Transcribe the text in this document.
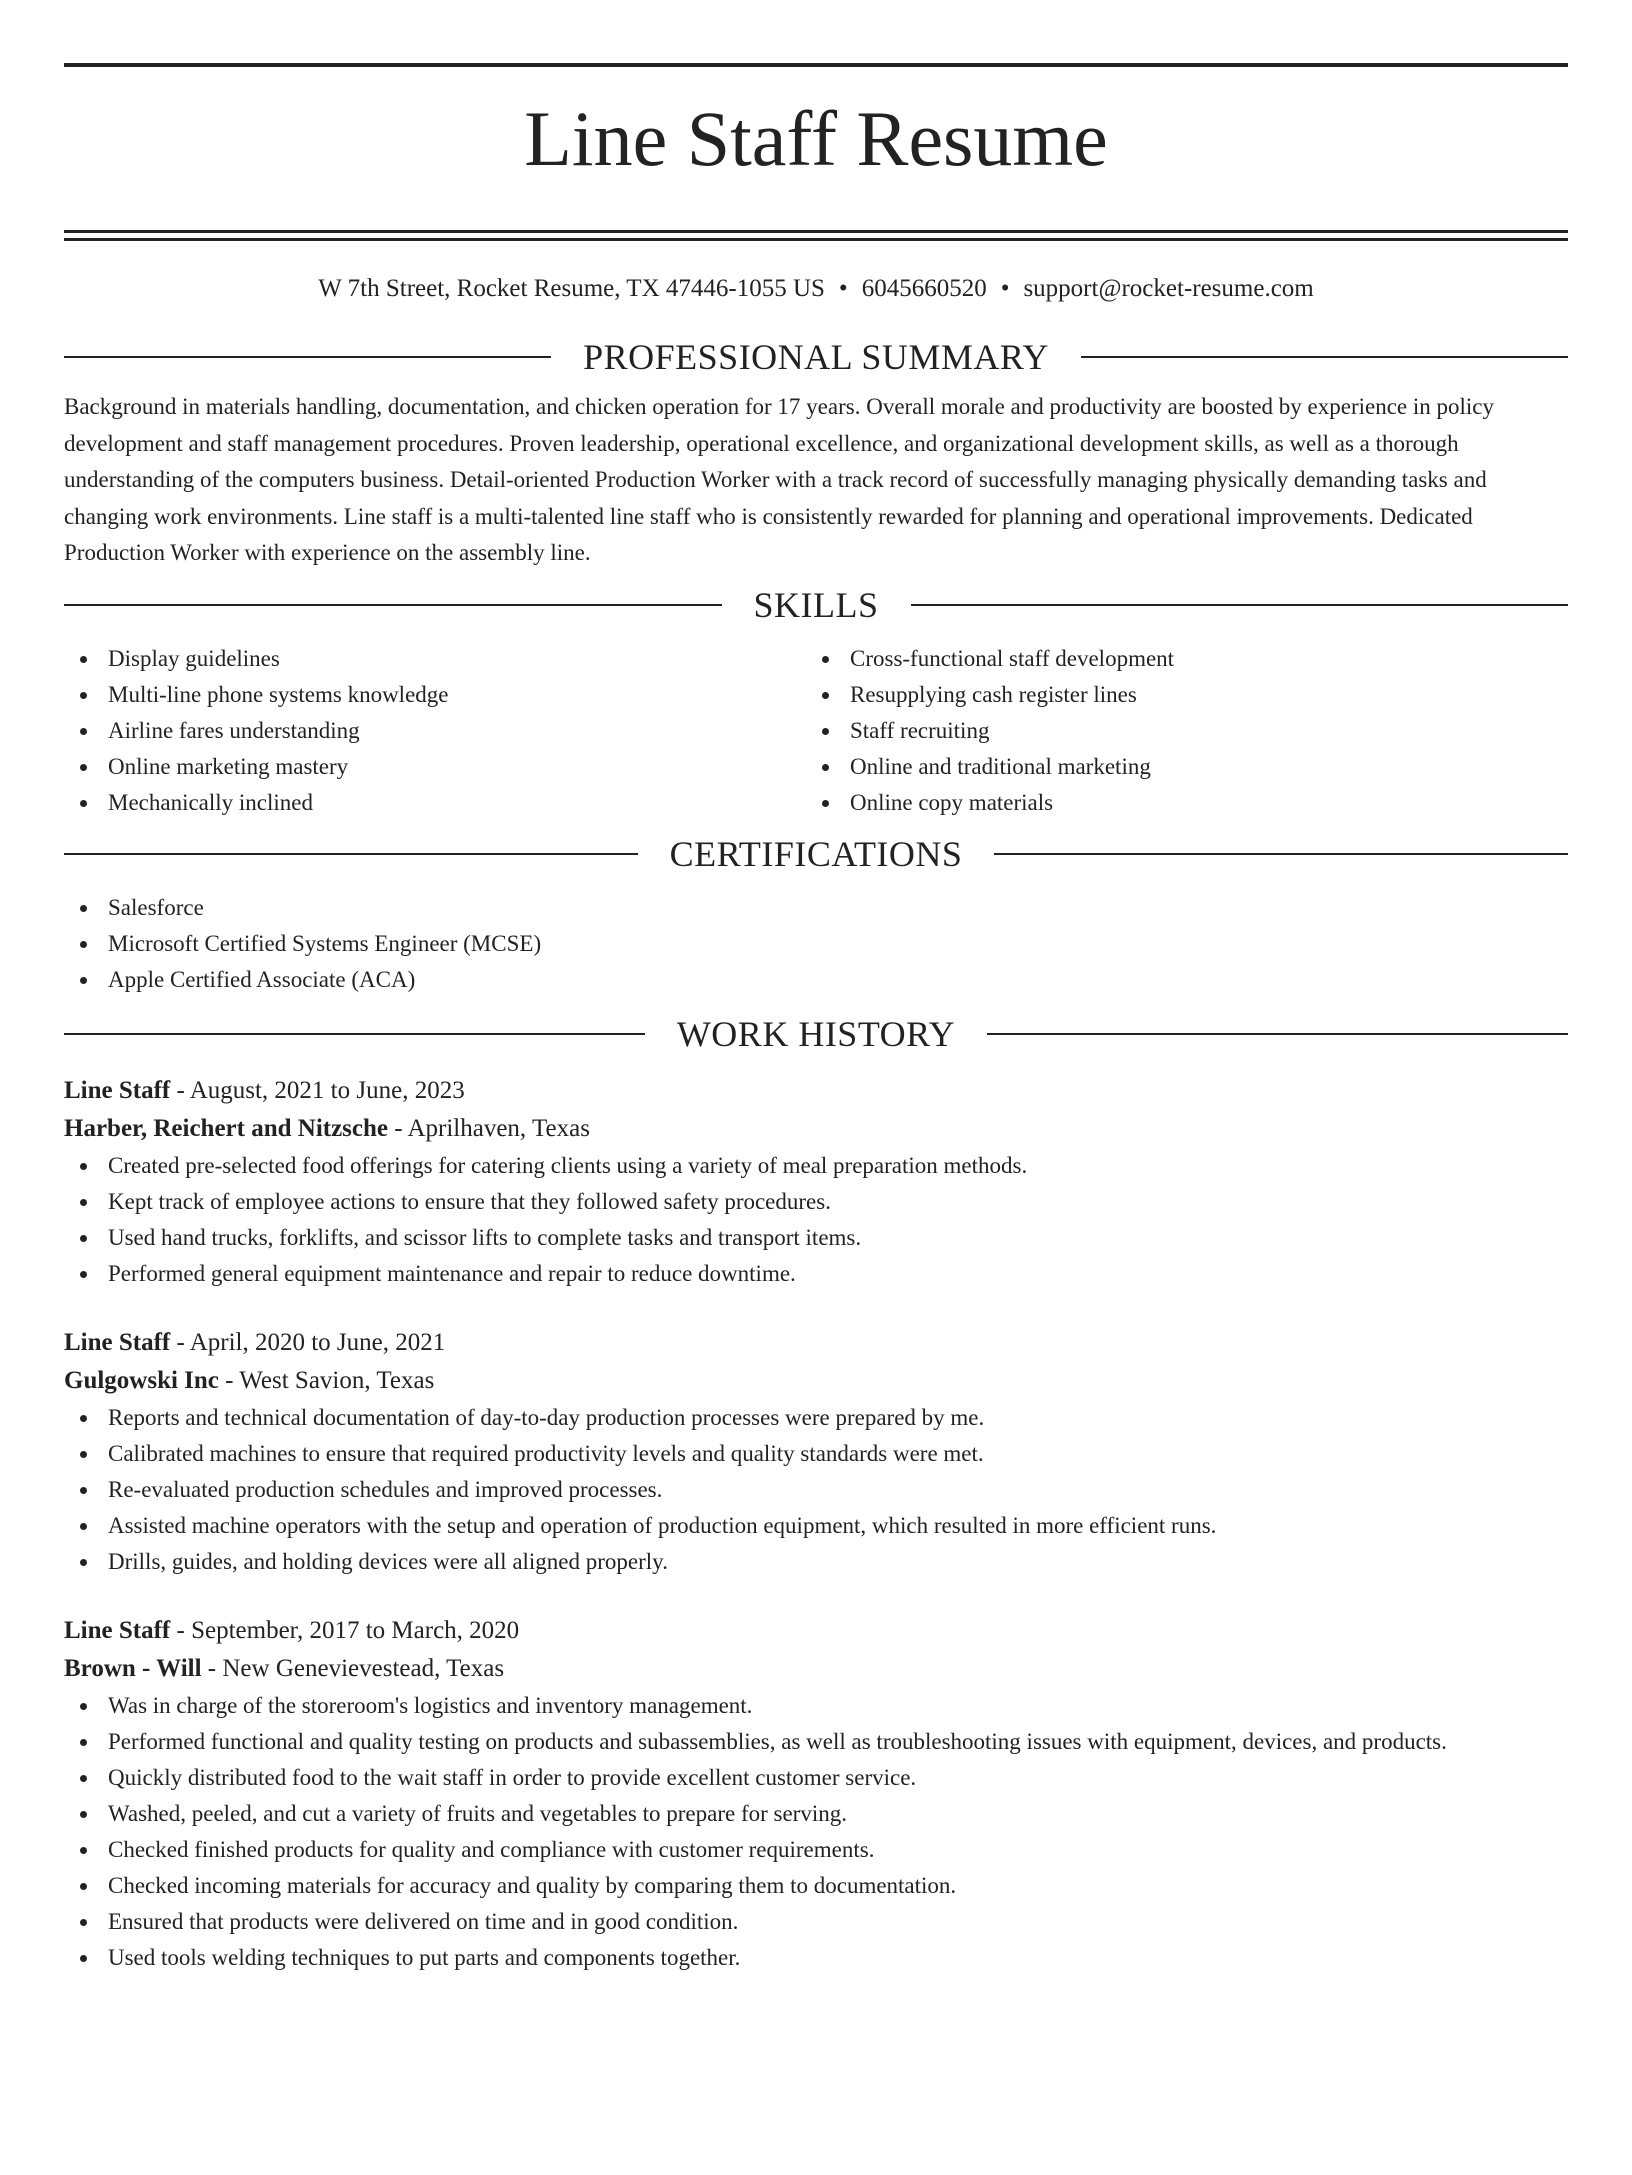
Line Staff Resume
W 7th Street, Rocket Resume, TX 47446-1055 US • 6045660520 • support@rocket-resume.com
PROFESSIONAL SUMMARY

Background in materials handling, documentation, and chicken operation for 17 years. Overall morale and productivity are boosted by experience in policy development and staff management procedures. Proven leadership, operational excellence, and organizational development skills, as well as a thorough understanding of the computers business. Detail-oriented Production Worker with a track record of successfully managing physically demanding tasks and changing work environments. Line staff is a multi-talented line staff who is consistently rewarded for planning and operational improvements. Dedicated Production Worker with experience on the assembly line.

SKILLS
Display guidelines
Multi-line phone systems knowledge
Airline fares understanding
Online marketing mastery
Mechanically inclined
Cross-functional staff development
Resupplying cash register lines
Staff recruiting
Online and traditional marketing
Online copy materials
CERTIFICATIONS
Salesforce
Microsoft Certified Systems Engineer (MCSE)
Apple Certified Associate (ACA)
WORK HISTORY
Line Staff - August, 2021 to June, 2023
Harber, Reichert and Nitzsche - Aprilhaven, Texas
Created pre-selected food offerings for catering clients using a variety of meal preparation methods.
Kept track of employee actions to ensure that they followed safety procedures.
Used hand trucks, forklifts, and scissor lifts to complete tasks and transport items.
Performed general equipment maintenance and repair to reduce downtime.
Line Staff - April, 2020 to June, 2021
Gulgowski Inc - West Savion, Texas
Reports and technical documentation of day-to-day production processes were prepared by me.
Calibrated machines to ensure that required productivity levels and quality standards were met.
Re-evaluated production schedules and improved processes.
Assisted machine operators with the setup and operation of production equipment, which resulted in more efficient runs.
Drills, guides, and holding devices were all aligned properly.
Line Staff - September, 2017 to March, 2020
Brown - Will - New Genevievestead, Texas
Was in charge of the storeroom's logistics and inventory management.
Performed functional and quality testing on products and subassemblies, as well as troubleshooting issues with equipment, devices, and products.
Quickly distributed food to the wait staff in order to provide excellent customer service.
Washed, peeled, and cut a variety of fruits and vegetables to prepare for serving.
Checked finished products for quality and compliance with customer requirements.
Checked incoming materials for accuracy and quality by comparing them to documentation.
Ensured that products were delivered on time and in good condition.
Used tools welding techniques to put parts and components together.
